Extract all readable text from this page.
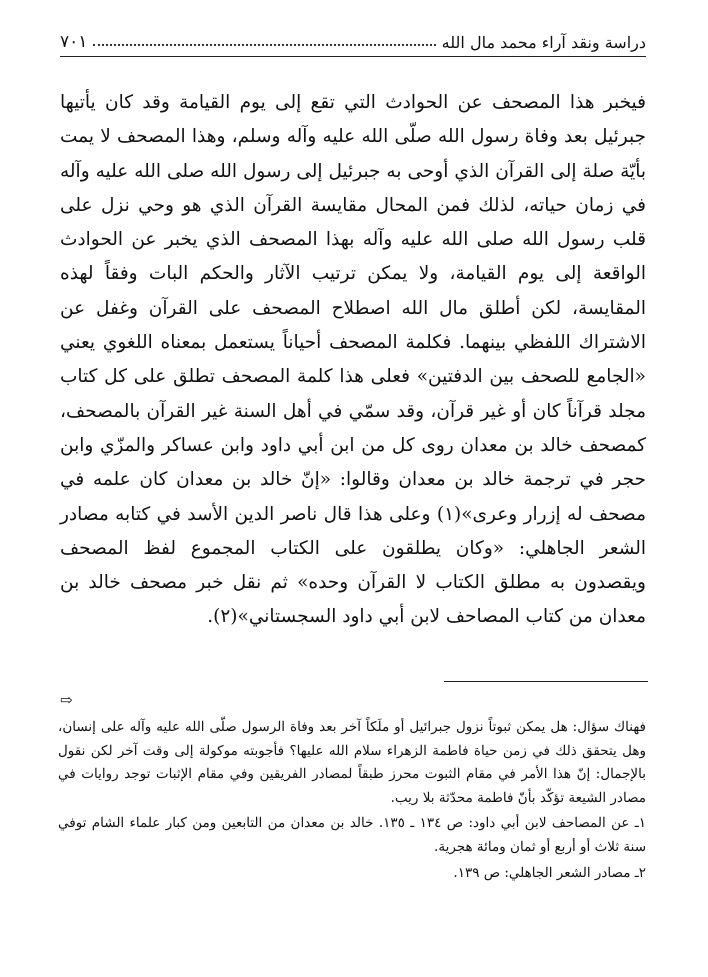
دراسة ونقد آراء محمد مال الله
٧٠١

فيخبر هذا المصحف عن الحوادث التي تقع إلى يوم القيامة وقد كان يأتيها جبرئيل بعد وفاة رسول الله صلّى الله عليه وآله وسلم، وهذا المصحف لا يمت بأيّة صلة إلى القرآن الذي أوحى به جبرئيل إلى رسول الله صلى الله عليه وآله في زمان حياته، لذلك فمن المحال مقايسة القرآن الذي هو وحي نزل على قلب رسول الله صلى الله عليه وآله بهذا المصحف الذي يخبر عن الحوادث الواقعة إلى يوم القيامة، ولا يمكن ترتيب الآثار والحكم البات وفقاً لهذه المقايسة، لكن أطلق مال الله اصطلاح المصحف على القرآن وغفل عن الاشتراك اللفظي بينهما. فكلمة المصحف أحياناً يستعمل بمعناه اللغوي يعني «الجامع للصحف بين الدفتين» فعلى هذا كلمة المصحف تطلق على كل كتاب مجلد قرآناً كان أو غير قرآن، وقد سمّي في أهل السنة غير القرآن بالمصحف، كمصحف خالد بن معدان روى كل من ابن أبي داود وابن عساكر والمزّي وابن حجر في ترجمة خالد بن معدان وقالوا: «إنّ خالد بن معدان كان علمه في مصحف له إزرار وعرى»(١) وعلى هذا قال ناصر الدين الأسد في كتابه مصادر الشعر الجاهلي: «وكان يطلقون على الكتاب المجموع لفظ المصحف ويقصدون به مطلق الكتاب لا القرآن وحده» ثم نقل خبر مصحف خالد بن معدان من كتاب المصاحف لابن أبي داود السجستاني»(٢).

⇨

فهناك سؤال: هل يمكن ثبوتاً نزول جبرائيل أو ملَكاً آخر بعد وفاة الرسول صلّى الله عليه وآله على إنسان، وهل يتحقق ذلك في زمن حياة فاطمة الزهراء سلام الله عليها؟ فأجوبته موكولة إلى وقت آخر لكن نقول بالإجمال: إنّ هذا الأمر في مقام الثبوت محرز طبقاً لمصادر الفريقين وفي مقام الإثبات توجد روايات في مصادر الشيعة تؤكّد بأنّ فاطمة محدّثة بلا ريب.

١ـ عن المصاحف لابن أبي داود: ص ١٣٤ ـ ١٣٥. خالد بن معدان من التابعين ومن كبار علماء الشام توفي سنة ثلاث أو أربع أو ثمان ومائة هجرية.

٢ـ مصادر الشعر الجاهلي: ص ١٣٩.
